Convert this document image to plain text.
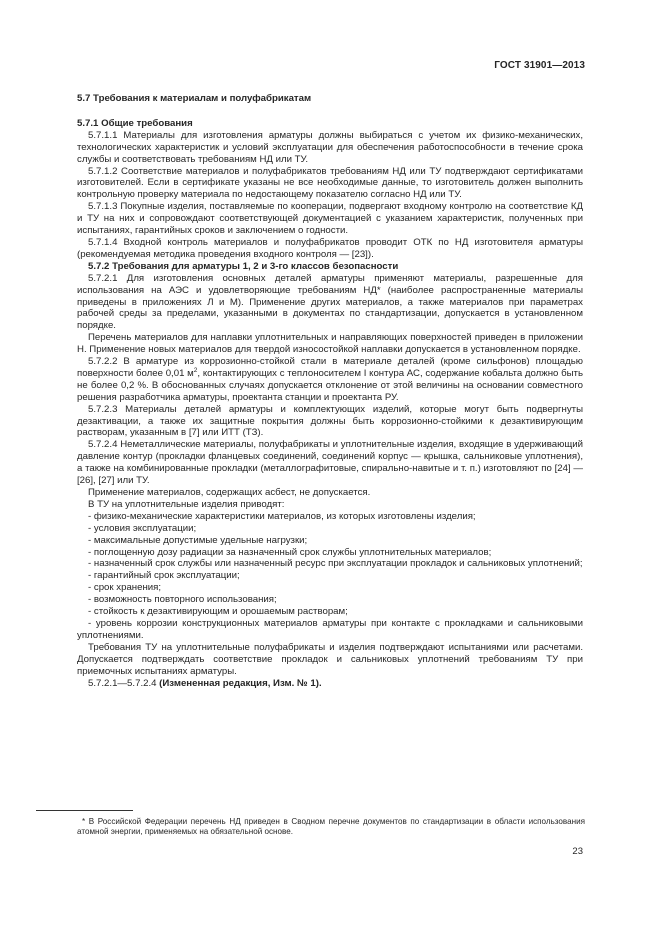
ГОСТ 31901—2013
5.7 Требования к материалам и полуфабрикатам
5.7.1 Общие требования
5.7.1.1 Материалы для изготовления арматуры должны выбираться с учетом их физико-механических, технологических характеристик и условий эксплуатации для обеспечения работоспособности в течение срока службы и соответствовать требованиям НД или ТУ.
5.7.1.2 Соответствие материалов и полуфабрикатов требованиям НД или ТУ подтверждают сертификатами изготовителей. Если в сертификате указаны не все необходимые данные, то изготовитель должен выполнить контрольную проверку материала по недостающему показателю согласно НД или ТУ.
5.7.1.3 Покупные изделия, поставляемые по кооперации, подвергают входному контролю на соответствие КД и ТУ на них и сопровождают соответствующей документацией с указанием характеристик, полученных при испытаниях, гарантийных сроков и заключением о годности.
5.7.1.4 Входной контроль материалов и полуфабрикатов проводит ОТК по НД изготовителя арматуры (рекомендуемая методика проведения входного контроля — [23]).
5.7.2 Требования для арматуры 1, 2 и 3-го классов безопасности
5.7.2.1 Для изготовления основных деталей арматуры применяют материалы, разрешенные для использования на АЭС и удовлетворяющие требованиям НД* (наиболее распространенные материалы приведены в приложениях Л и М). Применение других материалов, а также материалов при параметрах рабочей среды за пределами, указанными в документах по стандартизации, допускается в установленном порядке.
Перечень материалов для наплавки уплотнительных и направляющих поверхностей приведен в приложении Н. Применение новых материалов для твердой износостойкой наплавки допускается в установленном порядке.
5.7.2.2 В арматуре из коррозионно-стойкой стали в материале деталей (кроме сильфонов) площадью поверхности более 0,01 $м^2$, контактирующих с теплоносителем I контура АС, содержание кобальта должно быть не более 0,2 %. В обоснованных случаях допускается отклонение от этой величины на основании совместного решения разработчика арматуры, проектанта станции и проектанта РУ.
5.7.2.3 Материалы деталей арматуры и комплектующих изделий, которые могут быть подвергнуты дезактивации, а также их защитные покрытия должны быть коррозионно-стойкими к дезактивирующим растворам, указанным в [7] или ИТТ (ТЗ).
5.7.2.4 Неметаллические материалы, полуфабрикаты и уплотнительные изделия, входящие в удерживающий давление контур (прокладки фланцевых соединений, соединений корпус — крышка, сальниковые уплотнения), а также на комбинированные прокладки (металлографитовые, спирально-навитые и т. п.) изготовляют по [24] —[26], [27] или ТУ.
Применение материалов, содержащих асбест, не допускается.
В ТУ на уплотнительные изделия приводят:
- физико-механические характеристики материалов, из которых изготовлены изделия;
- условия эксплуатации;
- максимальные допустимые удельные нагрузки;
- поглощенную дозу радиации за назначенный срок службы уплотнительных материалов;
- назначенный срок службы или назначенный ресурс при эксплуатации прокладок и сальниковых уплотнений;
- гарантийный срок эксплуатации;
- срок хранения;
- возможность повторного использования;
- стойкость к дезактивирующим и орошаемым растворам;
- уровень коррозии конструкционных материалов арматуры при контакте с прокладками и сальниковыми уплотнениями.
Требования ТУ на уплотнительные полуфабрикаты и изделия подтверждают испытаниями или расчетами. Допускается подтверждать соответствие прокладок и сальниковых уплотнений требованиям ТУ при приемочных испытаниях арматуры.
5.7.2.1—5.7.2.4 (Измененная редакция, Изм. № 1).
* В Российской Федерации перечень НД приведен в Сводном перечне документов по стандартизации в области использования атомной энергии, применяемых на обязательной основе.
23
